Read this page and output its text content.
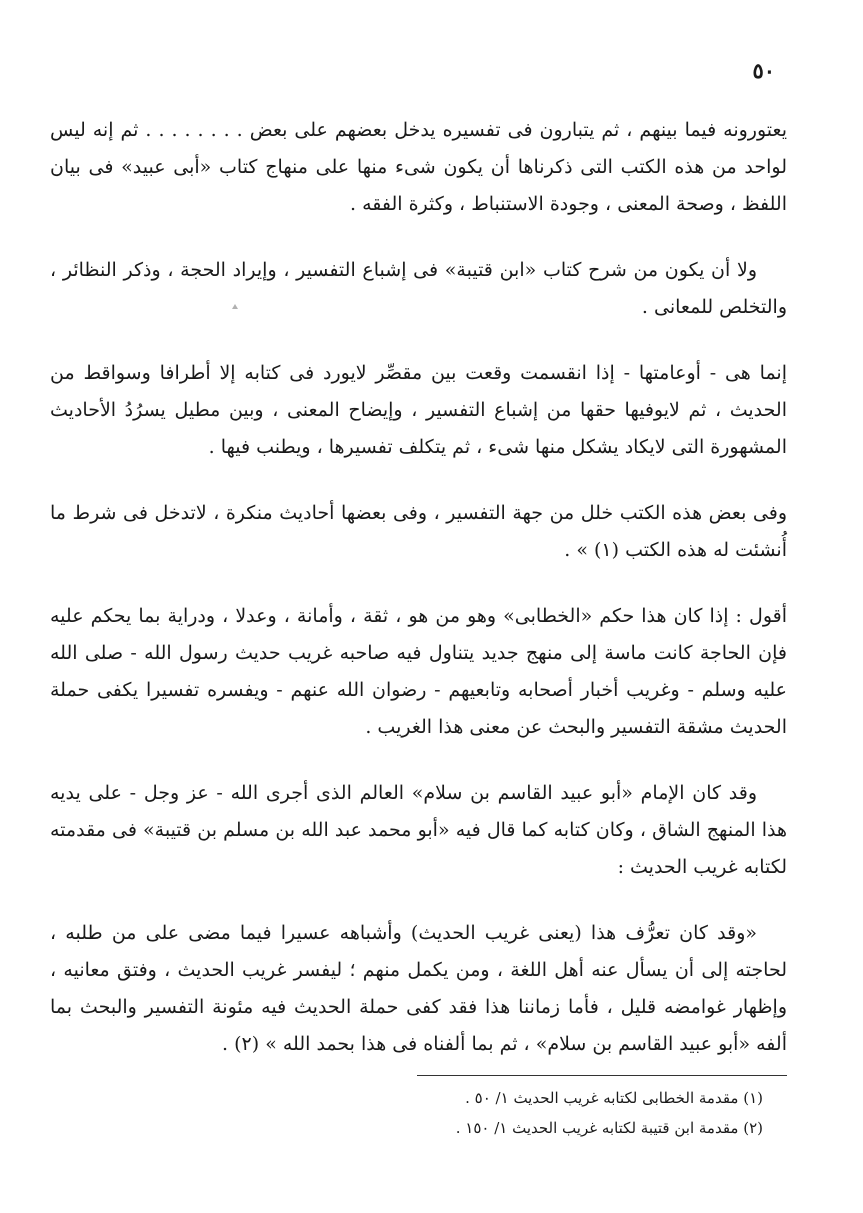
٥٠

يعتورونه فيما بينهم ، ثم يتبارون فى تفسيره يدخل بعضهم على بعض . . . . . . . . ثم إنه ليس لواحد من هذه الكتب التى ذكرناها أن يكون شىء منها على منهاج كتاب «أبى عبيد» فى بيان اللفظ ، وصحة المعنى ، وجودة الاستنباط ، وكثرة الفقه .

ولا أن يكون من شرح كتاب «ابن قتيبة» فى إشباع التفسير ، وإيراد الحجة ، وذكر النظائر ، والتخلص للمعانى .

إنما هى - أوعامتها - إذا انقسمت وقعت بين مقصِّر لايورد فى كتابه إلا أطرافا وسواقط من الحديث ، ثم لايوفيها حقها من إشباع التفسير ، وإيضاح المعنى ، وبين مطيل يسرُدُ الأحاديث المشهورة التى لايكاد يشكل منها شىء ، ثم يتكلف تفسيرها ، ويطنب فيها .

وفى بعض هذه الكتب خلل من جهة التفسير ، وفى بعضها أحاديث منكرة ، لاتدخل فى شرط ما أُنشئت له هذه الكتب (١) » .

أقول : إذا كان هذا حكم «الخطابى» وهو من هو ، ثقة ، وأمانة ، وعدلا ، ودراية بما يحكم عليه فإن الحاجة كانت ماسة إلى منهج جديد يتناول فيه صاحبه غريب حديث رسول الله - صلى الله عليه وسلم - وغريب أخبار أصحابه وتابعيهم - رضوان الله عنهم - ويفسره تفسيرا يكفى حملة الحديث مشقة التفسير والبحث عن معنى هذا الغريب .

وقد كان الإمام «أبو عبيد القاسم بن سلام» العالم الذى أجرى الله - عز وجل - على يديه هذا المنهج الشاق ، وكان كتابه كما قال فيه «أبو محمد عبد الله بن مسلم بن قتيبة» فى مقدمته لكتابه غريب الحديث :

«وقد كان تعرُّف هذا (يعنى غريب الحديث) وأشباهه عسيرا فيما مضى على من طلبه ، لحاجته إلى أن يسأل عنه أهل اللغة ، ومن يكمل منهم ؛ ليفسر غريب الحديث ، وفتق معانيه ، وإظهار غوامضه قليل ، فأما زماننا هذا فقد كفى حملة الحديث فيه مئونة التفسير والبحث بما ألفه «أبو عبيد القاسم بن سلام» ، ثم بما ألفناه فى هذا بحمد الله » (٢) .

(١) مقدمة الخطابى لكتابه غريب الحديث ١/ ٥٠ .

(٢) مقدمة ابن قتيبة لكتابه غريب الحديث ١/ ١٥٠ .
